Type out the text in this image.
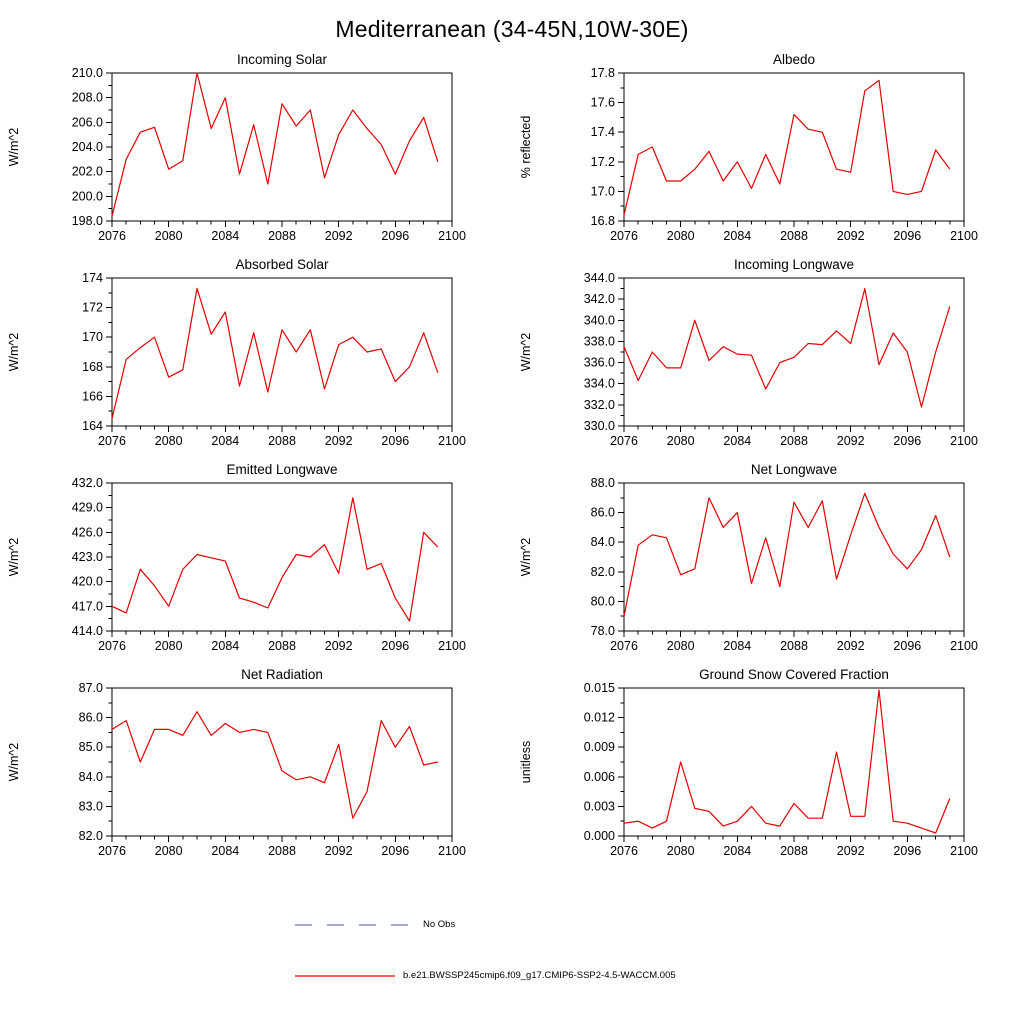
Mediterranean (34-45N,10W-30E)
Incoming Solar
W/m^2
2076 2080 2084 2088 2092 2096 2100
198.0
200.0
202.0
204.0
206.0
208.0
210.0
Albedo
% reflected
2076 2080 2084 2088 2092 2096 2100
16.8
17.0
17.2
17.4
17.6
17.8
Absorbed Solar
W/m^2
2076 2080 2084 2088 2092 2096 2100
164
166
168
170
172
174
Incoming Longwave
W/m^2
2076 2080 2084 2088 2092 2096 2100
330.0
332.0
334.0
336.0
338.0
340.0
342.0
344.0
Emitted Longwave
W/m^2
2076 2080 2084 2088 2092 2096 2100
414.0
417.0
420.0
423.0
426.0
429.0
432.0
Net Longwave
W/m^2
2076 2080 2084 2088 2092 2096 2100
78.0
80.0
82.0
84.0
86.0
88.0
Net Radiation
W/m^2
2076 2080 2084 2088 2092 2096 2100
82.0
83.0
84.0
85.0
86.0
87.0
Ground Snow Covered Fraction
unitless
2076 2080 2084 2088 2092 2096 2100
0.000
0.003
0.006
0.009
0.012
0.015
No Obs
b.e21.BWSSP245cmip6.f09_g17.CMIP6-SSP2-4.5-WACCM.005
